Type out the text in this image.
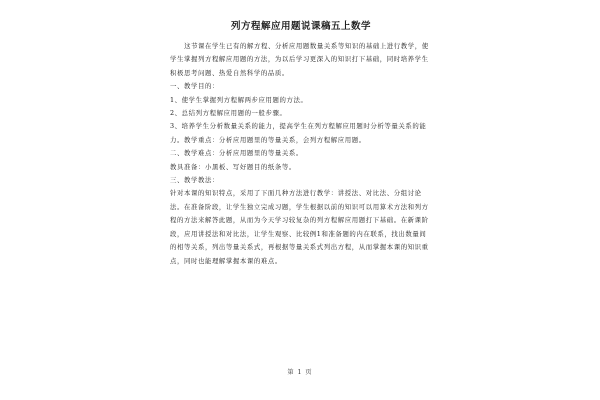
列方程解应用题说课稿五上数学

这节课在学生已有的解方程、分析应用题数量关系等知识的基础上进行教学，使学生掌握列方程解应用题的方法，为以后学习更深入的知识打下基础，同时培养学生积极思考问题、热爱自然科学的品质。

一、教学目的：

1、使学生掌握列方程解两步应用题的方法。

2、总结列方程解应用题的一般步骤。

3、培养学生分析数量关系的能力，提高学生在列方程解应用题时分析等量关系的能力。教学重点：分析应用题里的等量关系，会列方程解应用题。

二、教学难点：分析应用题里的等量关系。

教具准备：小黑板、写好题目的纸条等。

三、教学教法：

针对本课的知识特点，采用了下面几种方法进行教学：讲授法、对比法、分组讨论法。在准备阶段，让学生独立完成习题，学生根据以前的知识可以用算术方法和列方程的方法来解答此题，从而为今天学习较复杂的列方程解应用题打下基础。在新课阶段，应用讲授法和对比法，让学生观察、比较例1和准备题的内在联系，找出数量间的相等关系，列出等量关系式，再根据等量关系式列出方程，从而掌握本课的知识重点，同时也能理解掌握本课的难点。

第 1 页
